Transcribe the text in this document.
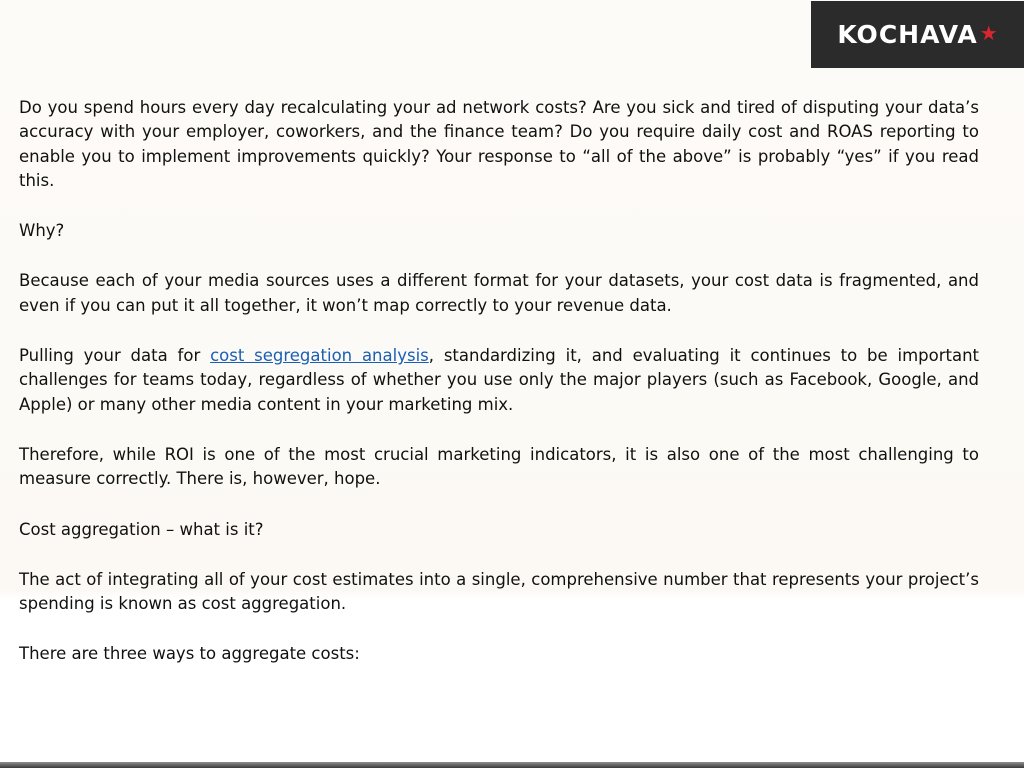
KOCHAVA ★

Do you spend hours every day recalculating your ad network costs? Are you sick and tired of disputing your data’s accuracy with your employer, coworkers, and the finance team? Do you require daily cost and ROAS reporting to enable you to implement improvements quickly? Your response to “all of the above” is probably “yes” if you read this.

Why?

Because each of your media sources uses a different format for your datasets, your cost data is fragmented, and even if you can put it all together, it won’t map correctly to your revenue data.

Pulling your data for cost segregation analysis, standardizing it, and evaluating it continues to be important challenges for teams today, regardless of whether you use only the major players (such as Facebook, Google, and Apple) or many other media content in your marketing mix.

Therefore, while ROI is one of the most crucial marketing indicators, it is also one of the most challenging to measure correctly. There is, however, hope.

Cost aggregation – what is it?

The act of integrating all of your cost estimates into a single, comprehensive number that represents your project’s spending is known as cost aggregation.

There are three ways to aggregate costs:
